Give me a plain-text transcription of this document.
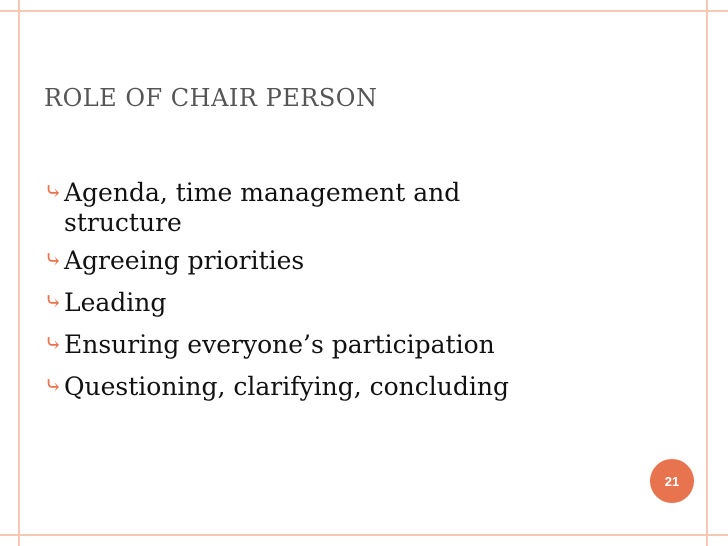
ROLE OF CHAIR PERSON
⤷ Agenda, time management and
structure
⤷ Agreeing priorities
⤷ Leading
⤷ Ensuring everyone’s participation
⤷ Questioning, clarifying, concluding
21
